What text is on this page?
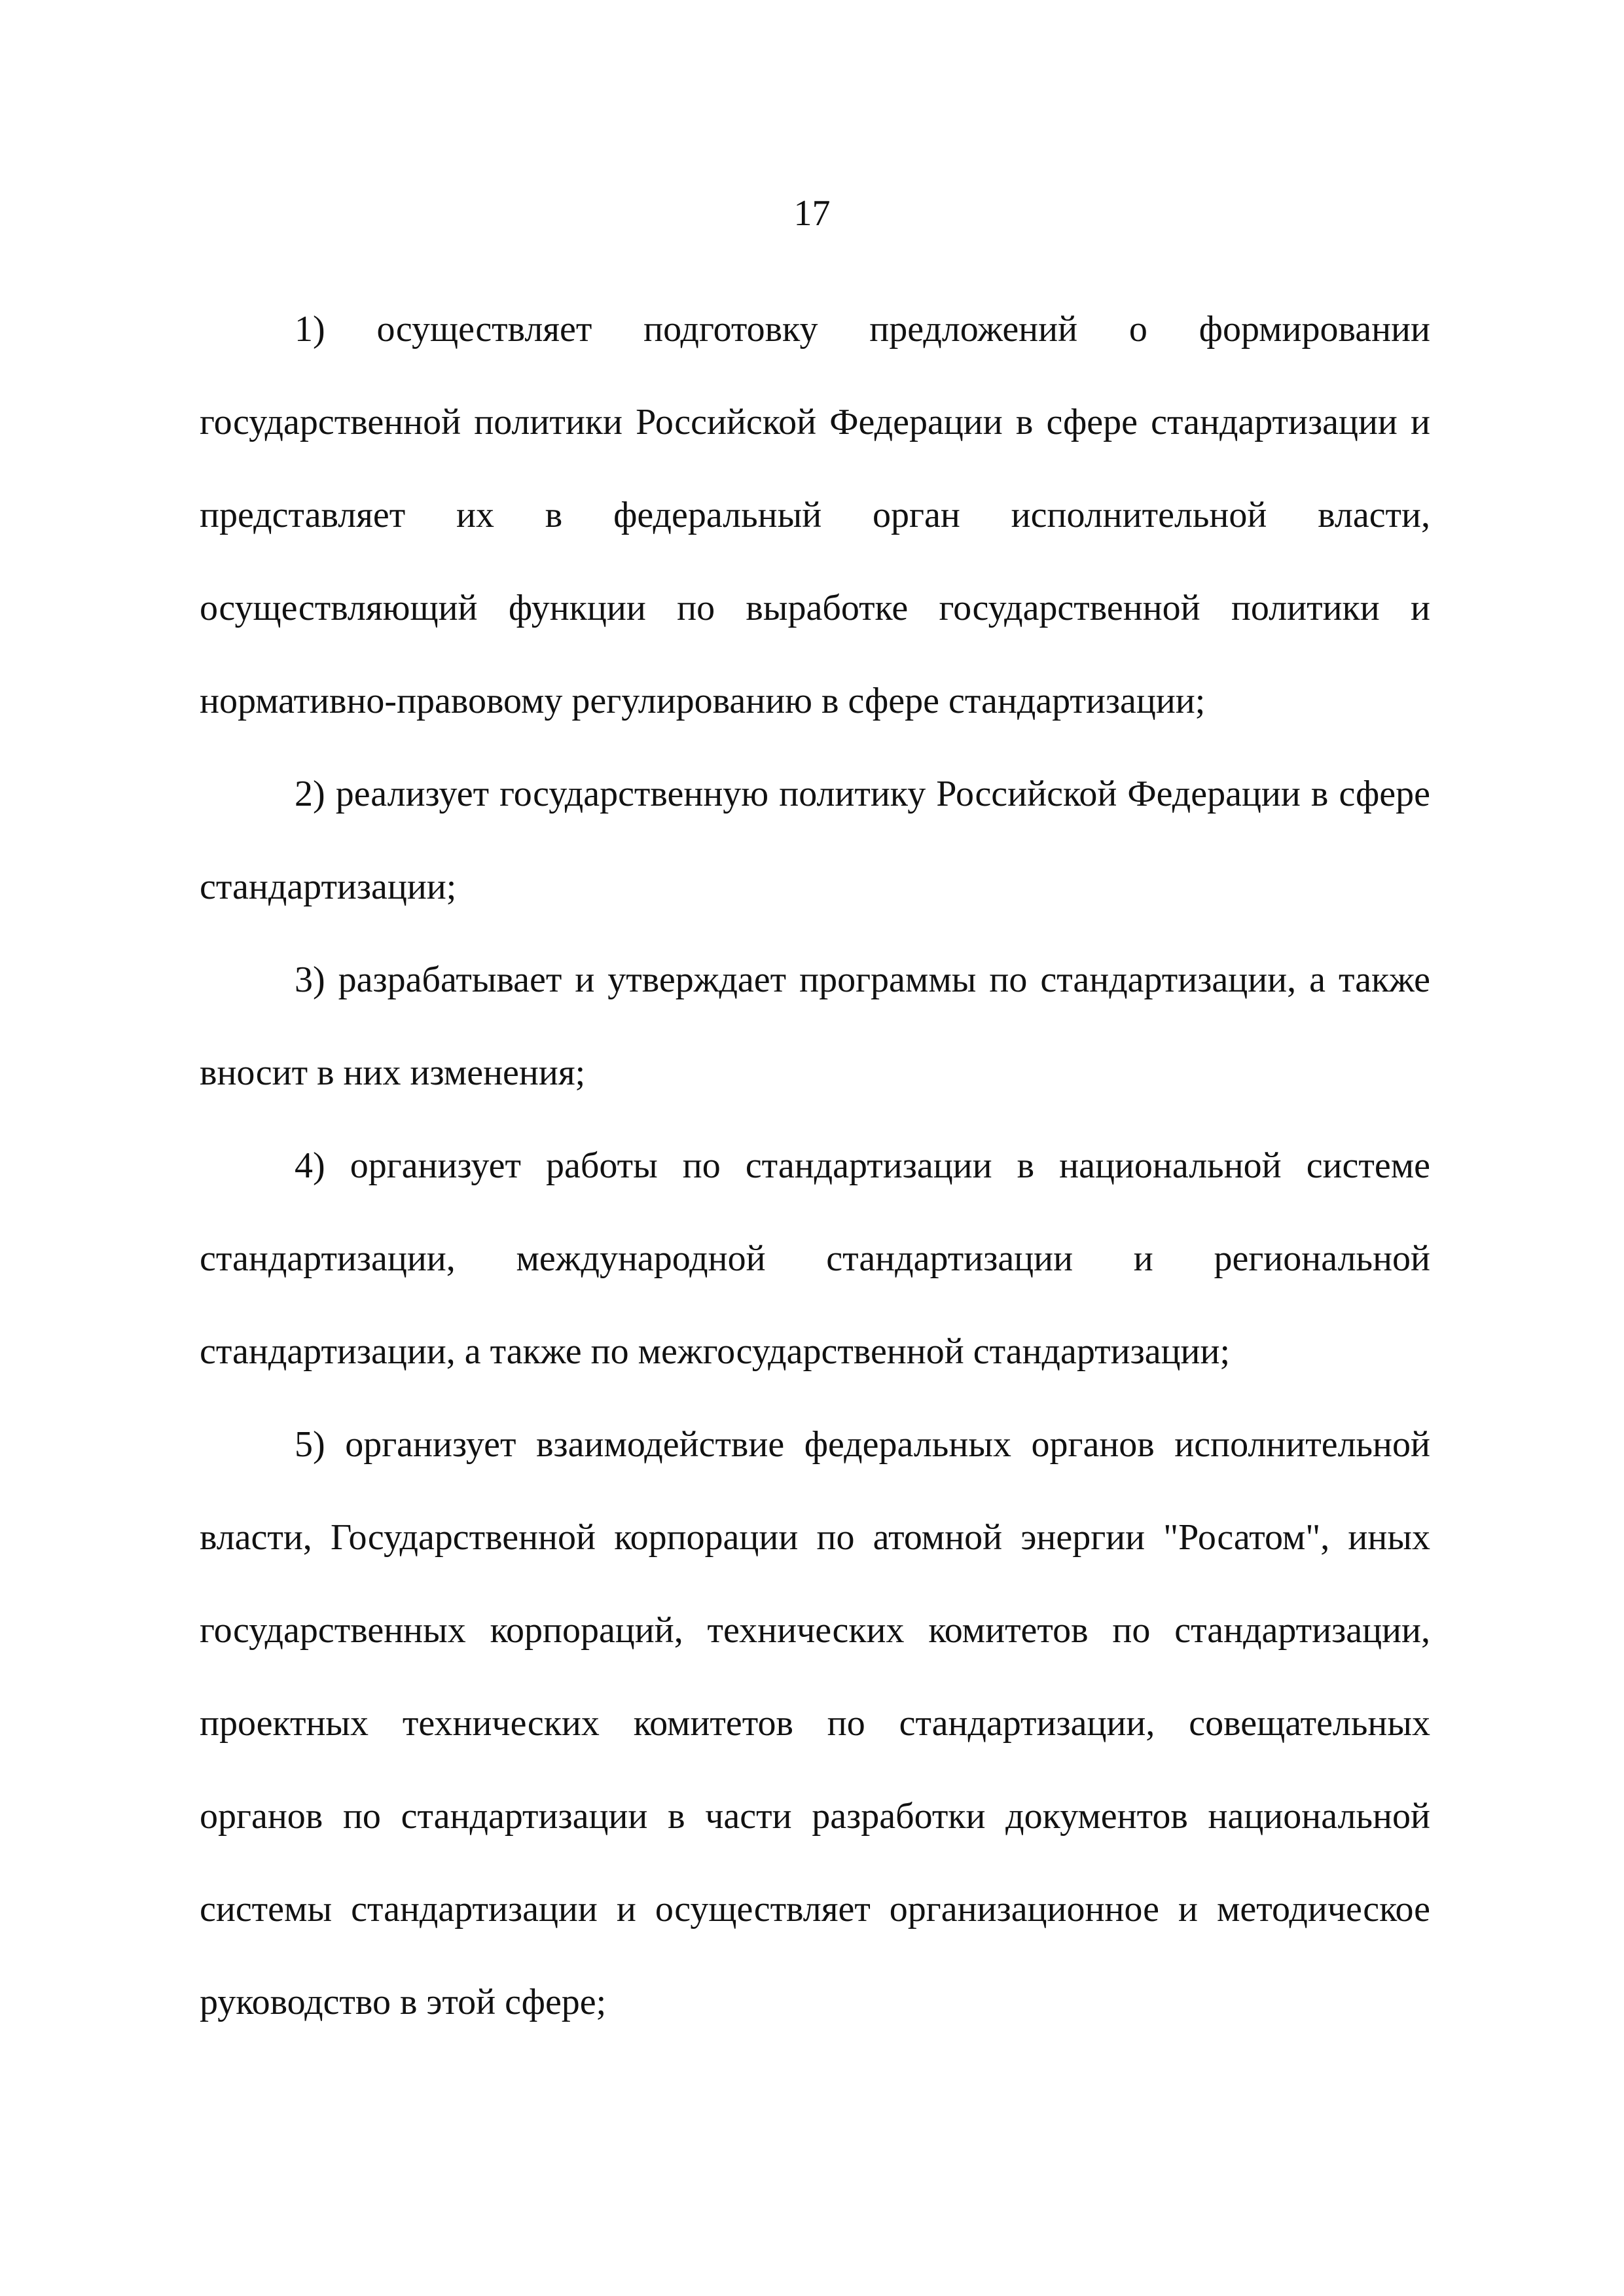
17

1) осуществляет подготовку предложений о формировании государственной политики Российской Федерации в сфере стандартизации и представляет их в федеральный орган исполнительной власти, осуществляющий функции по выработке государственной политики и нормативно-правовому регулированию в сфере стандартизации;

2) реализует государственную политику Российской Федерации в сфере стандартизации;

3) разрабатывает и утверждает программы по стандартизации, а также вносит в них изменения;

4) организует работы по стандартизации в национальной системе стандартизации, международной стандартизации и региональной стандартизации, а также по межгосударственной стандартизации;

5) организует взаимодействие федеральных органов исполнительной власти, Государственной корпорации по атомной энергии "Росатом", иных государственных корпораций, технических комитетов по стандартизации, проектных технических комитетов по стандартизации, совещательных органов по стандартизации в части разработки документов национальной системы стандартизации и осуществляет организационное и методическое руководство в этой сфере;
